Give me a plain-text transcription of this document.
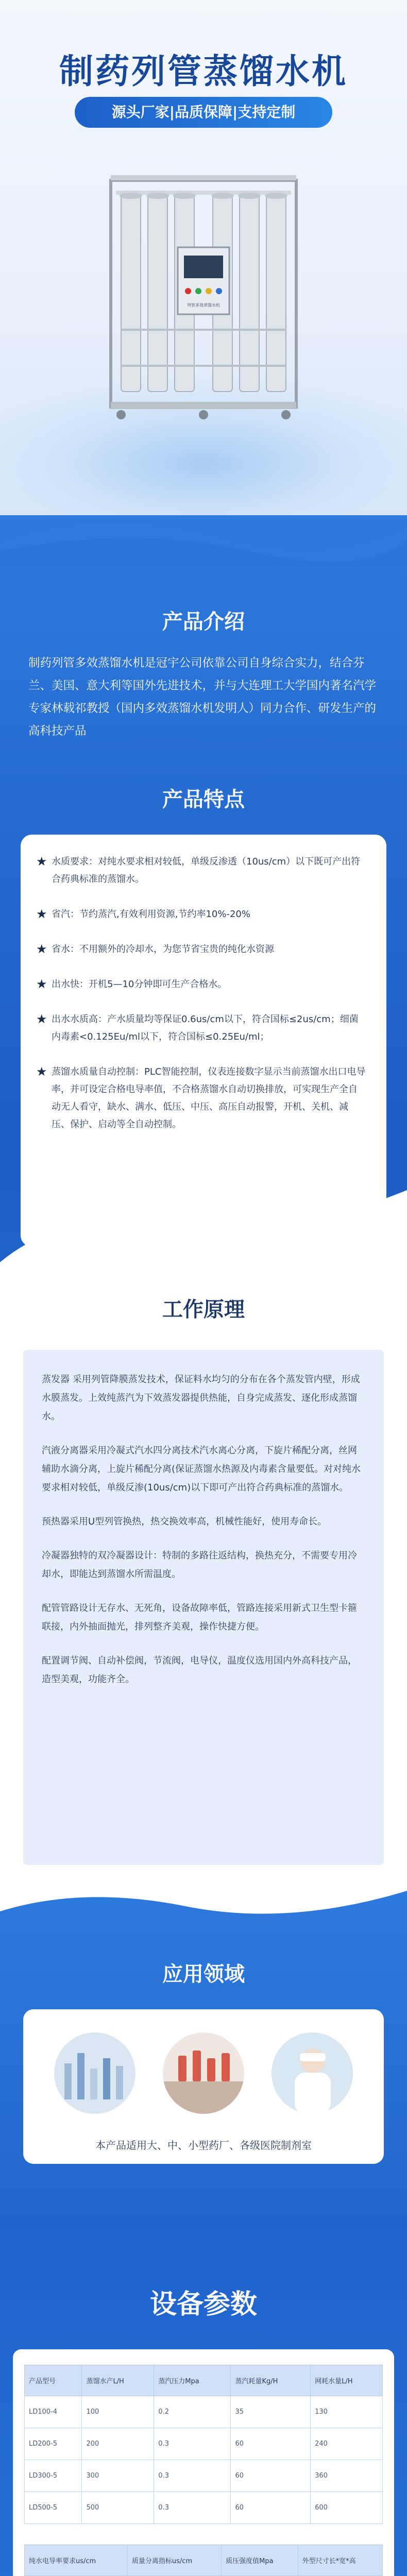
制药列管蒸馏水机
源头厂家|品质保障|支持定制
列管多效蒸馏水机
产品介绍
制药列管多效蒸馏水机是冠宇公司依靠公司自身综合实力，结合芬兰、美国、意大利等国外先进技术，并与大连理工大学国内著名汽学专家林载祁教授（国内多效蒸馏水机发明人）同力合作、研发生产的高科技产品
产品特点
★ 水质要求：对纯水要求相对较低，单级反渗透（10us/cm）以下既可产出符合药典标准的蒸馏水。
★ 省汽：节约蒸汽,有效利用资源,节约率10%-20%
★ 省水：不用额外的冷却水，为您节省宝贵的纯化水资源
★ 出水快：开机5—10分钟即可生产合格水。
★ 出水水质高：产水质量均等保证0.6us/cm以下，符合国标≤2us/cm；细菌内毒素<0.125Eu/ml以下，符合国标≤0.25Eu/ml；
★ 蒸馏水质量自动控制：PLC智能控制，仪表连接数字显示当前蒸馏水出口电导率，并可设定合格电导率值，不合格蒸馏水自动切换排放，可实现生产全自动无人看守，缺水、满水、低压、中压、高压自动报警，开机、关机、减压、保护、启动等全自动控制。
工作原理

蒸发器 采用列管降膜蒸发技术，保证料水均匀的分布在各个蒸发管内壁，形成水膜蒸发。上效纯蒸汽为下效蒸发器提供热能，自身完成蒸发、逐化形成蒸馏水。

汽液分离器采用冷凝式汽水四分离技术汽水离心分离，下旋片稀配分离，丝网辅助水滴分离，上旋片稀配分离(保证蒸馏水热源及内毒素含量要低。对对纯水要求相对较低，单级反渗(10us/cm)以下即可产出符合药典标准的蒸馏水。

预热器采用U型列管换热，热交换效率高，机械性能好，使用寿命长。

冷凝器独特的双冷凝器设计：特制的多路往返结构，换热充分，不需要专用冷却水，即能达到蒸馏水所需温度。

配管管路设计无存水、无死角，设备故障率低，管路连接采用新式卫生型卡箍联接，内外抽面抛光，排列整齐美观，操作快捷方便。

配置调节阀、自动补偿阀，节流阀，电导仪，温度仪选用国内外高科技产品，造型美观，功能齐全。

应用领域
本产品适用大、中、小型药厂、各级医院制剂室
设备参数
产品型号	蒸馏水产L/H	蒸汽压力Mpa	蒸汽耗量Kg/H	网耗水量L/H
LD100-4	100	0.2	35	130
LD200-5	200	0.3	60	240
LD300-5	300	0.3	60	360
LD500-5	500	0.3	60	600
纯水电导率要求us/cm	质量分离指标us/cm	质压强度值Mpa	外型尺寸长*宽*高
